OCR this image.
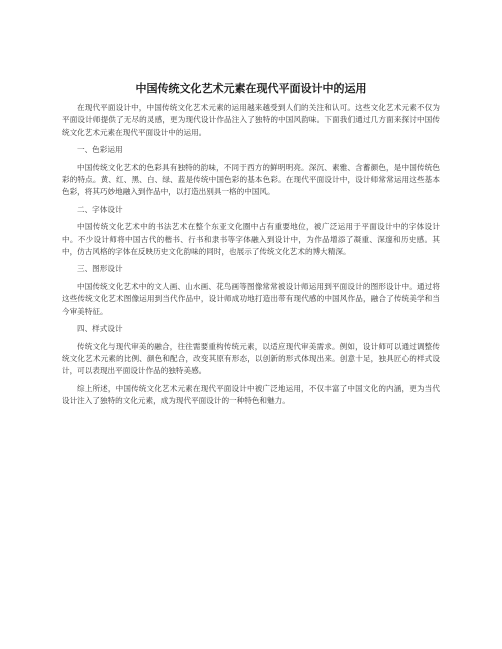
中国传统文化艺术元素在现代平面设计中的运用

在现代平面设计中，中国传统文化艺术元素的运用越来越受到人们的关注和认可。这些文化艺术元素不仅为平面设计师提供了无尽的灵感，更为现代设计作品注入了独特的中国风韵味。下面我们通过几方面来探讨中国传统文化艺术元素在现代平面设计中的运用。

一、色彩运用

中国传统文化艺术的色彩具有独特的韵味，不同于西方的鲜明明亮。深沉、素雅、含蓄颜色，是中国传统色彩的特点。黄、红、黑、白、绿、蓝是传统中国色彩的基本色彩。在现代平面设计中，设计师常常运用这些基本色彩，将其巧妙地融入到作品中，以打造出别具一格的中国风。

二、字体设计

中国传统文化艺术中的书法艺术在整个东亚文化圈中占有重要地位，被广泛运用于平面设计中的字体设计中。不少设计师将中国古代的楷书、行书和隶书等字体融入到设计中，为作品增添了凝重、深邃和历史感。其中，仿古风格的字体在反映历史文化韵味的同时，也展示了传统文化艺术的博大精深。

三、图形设计

中国传统文化艺术中的文人画、山水画、花鸟画等图像常常被设计师运用到平面设计的图形设计中。通过将这些传统文化艺术图像运用到当代作品中，设计师成功地打造出带有现代感的中国风作品，融合了传统美学和当今审美特征。

四、样式设计

传统文化与现代审美的融合，往往需要重构传统元素，以适应现代审美需求。例如，设计师可以通过调整传统文化艺术元素的比例、颜色和配合，改变其原有形态，以创新的形式体现出来。创意十足，独具匠心的样式设计，可以表现出平面设计作品的独特美感。

综上所述，中国传统文化艺术元素在现代平面设计中被广泛地运用，不仅丰富了中国文化的内涵，更为当代设计注入了独特的文化元素，成为现代平面设计的一种特色和魅力。
